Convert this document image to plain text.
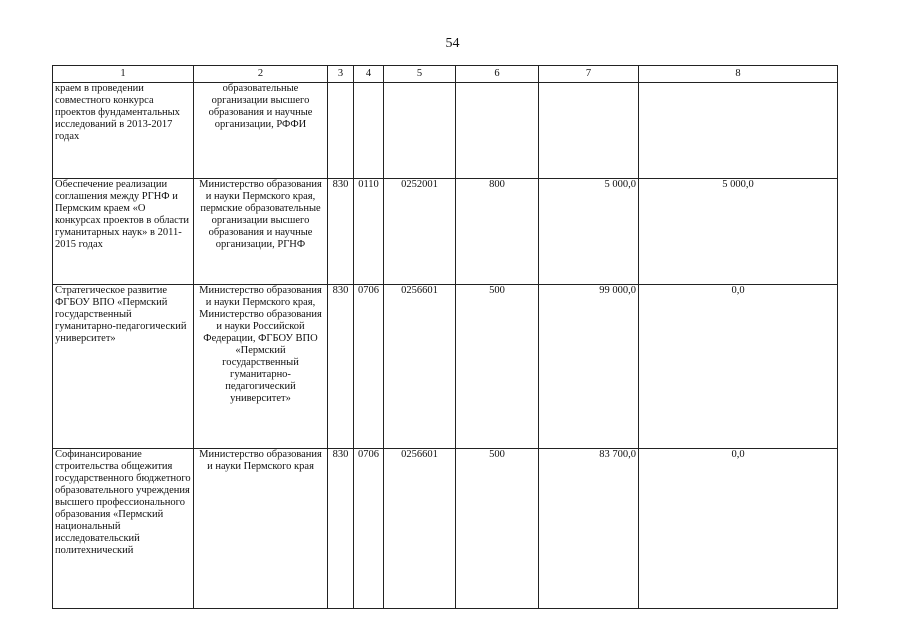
54
1	2	3	4	5	6	7	8
краем в проведении совместного конкурса проектов фундаментальных исследований в 2013-2017 годах	образовательные организации высшего образования и научные организации, РФФИ						
Обеспечение реализации соглашения между РГНФ и Пермским краем «О конкурсах проектов в области гуманитарных наук» в 2011-2015 годах	Министерство образования и науки Пермского края, пермские образовательные организации высшего образования и научные организации, РГНФ	830	0110	0252001	800	5 000,0	5 000,0
Стратегическое развитие ФГБОУ ВПО «Пермский государственный гуманитарно-педагогический университет»	Министерство образования и науки Пермского края, Министерство образования и науки Российской Федерации, ФГБОУ ВПО «Пермский государственный гуманитарно-педагогический университет»	830	0706	0256601	500	99 000,0	0,0
Софинансирование строительства общежития государственного бюджетного образовательного учреждения высшего профессионального образования «Пермский национальный исследовательский политехнический	Министерство образования и науки Пермского края	830	0706	0256601	500	83 700,0	0,0
